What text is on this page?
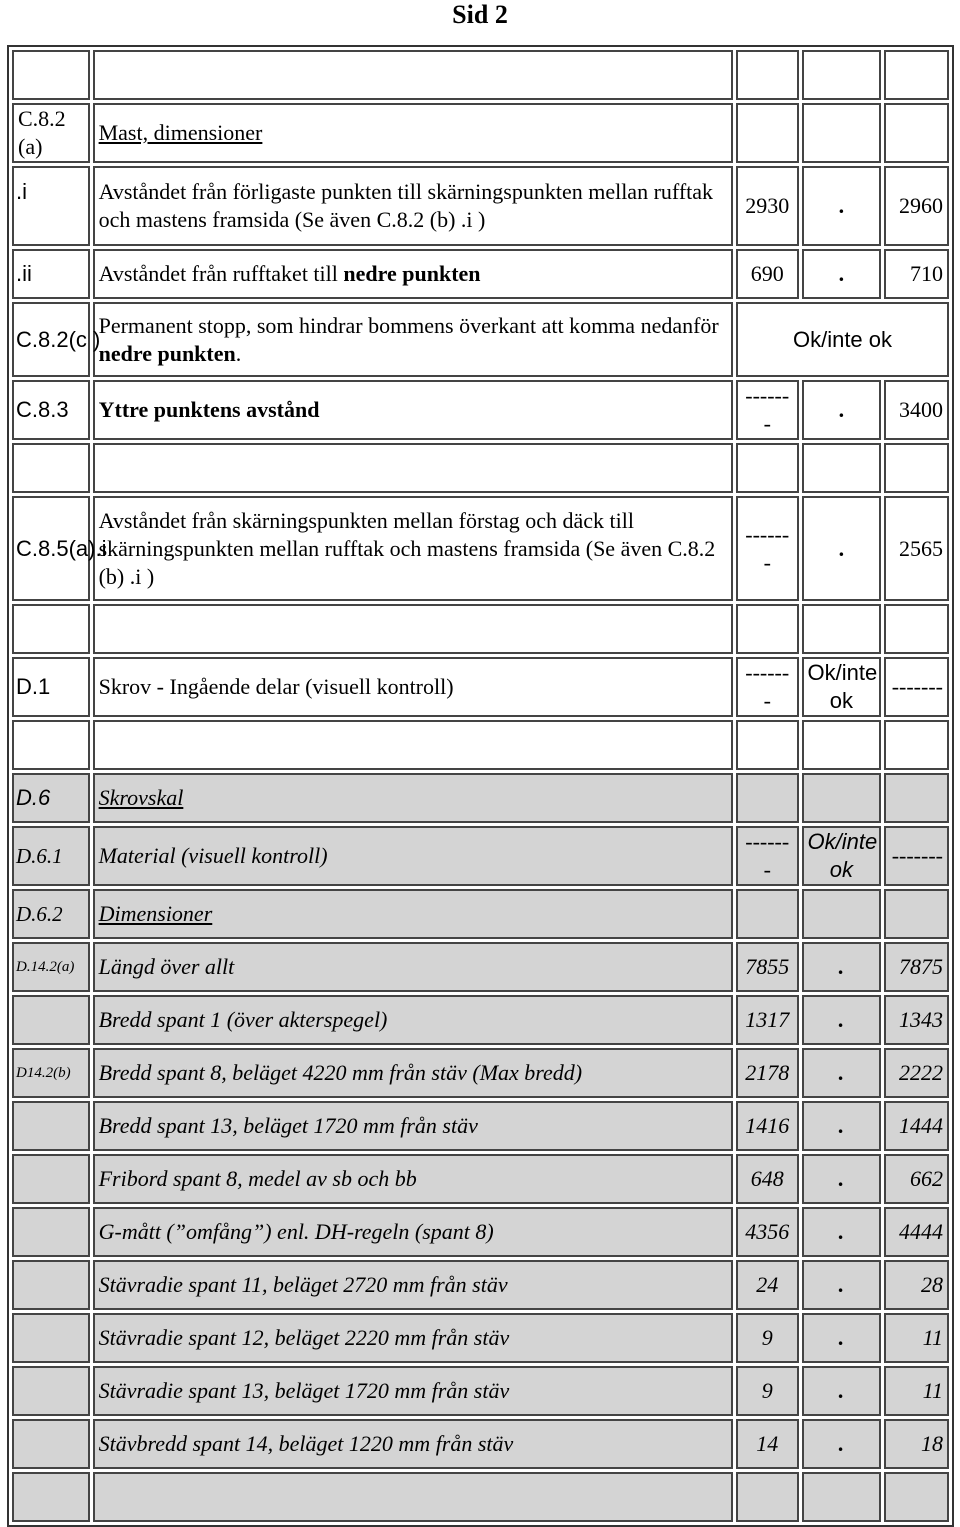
Sid 2

C.8.2 (a)	Mast, dimensioner			
.i	Avståndet från förligaste punkten till skärningspunkten mellan rufftak och mastens framsida (Se även C.8.2 (b) .i )	2930	.	2960
.ii	Avståndet från rufftaket till nedre punkten	690	.	710
C.8.2(c )	Permanent stopp, som hindrar bommens överkant att komma nedanför nedre punkten.	Ok/inte ok		
C.8.3	Yttre punktens avstånd	-------	.	3400

C.8.5(a).i	Avståndet från skärningspunkten mellan förstag och däck till skärningspunkten mellan rufftak och mastens framsida (Se även C.8.2 (b) .i )	-------	.	2565

D.1	Skrov - Ingående delar (visuell kontroll)	-------	Ok/inte ok	-------

D.6	Skrovskal			
D.6.1	Material (visuell kontroll)	-------	Ok/inte ok	-------
D.6.2	Dimensioner			
D.14.2(a)	Längd över allt	7855	.	7875
	Bredd spant 1 (över akterspegel)	1317	.	1343
D14.2(b)	Bredd spant 8, beläget 4220 mm från stäv (Max bredd)	2178	.	2222
	Bredd spant 13, beläget 1720 mm från stäv	1416	.	1444
	Fribord spant 8, medel av sb och bb	648	.	662
	G-mått (”omfång”) enl. DH-regeln (spant 8)	4356	.	4444
	Stävradie spant 11, beläget 2720 mm från stäv	24	.	28
	Stävradie spant 12, beläget 2220 mm från stäv	9	.	11
	Stävradie spant 13, beläget 1720 mm från stäv	9	.	11
	Stävbredd spant 14, beläget 1220 mm från stäv	14	.	18
